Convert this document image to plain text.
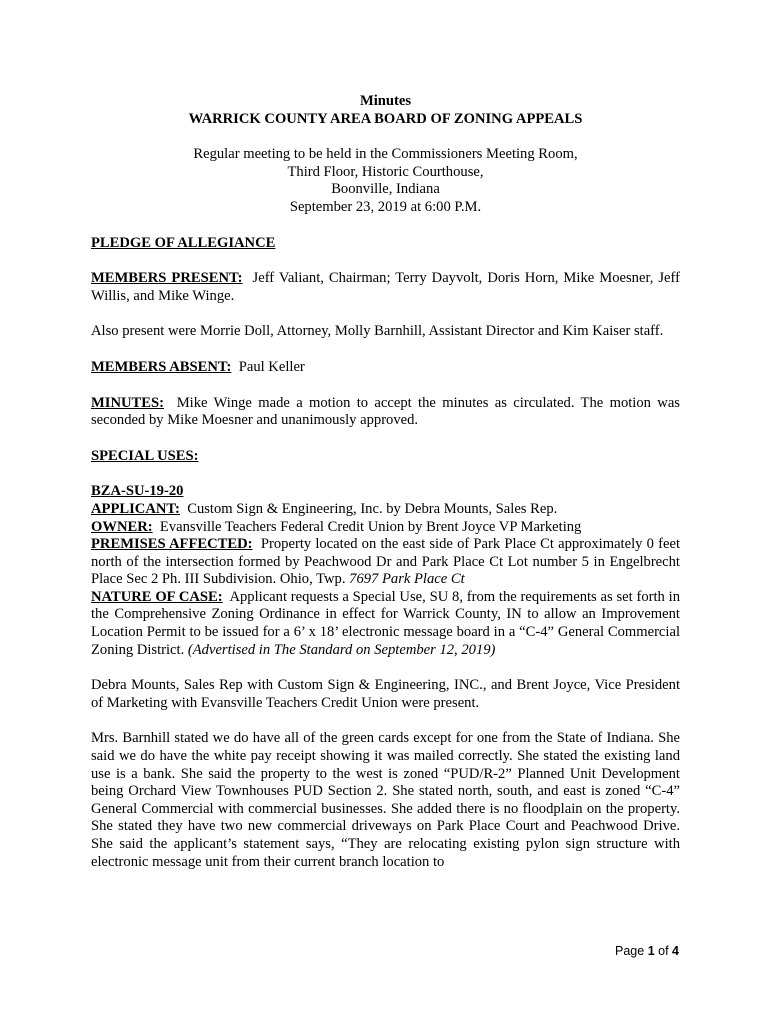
Minutes
WARRICK COUNTY AREA BOARD OF ZONING APPEALS
Regular meeting to be held in the Commissioners Meeting Room,
Third Floor, Historic Courthouse,
Boonville, Indiana
September 23, 2019 at 6:00 P.M.

PLEDGE OF ALLEGIANCE

MEMBERS PRESENT: Jeff Valiant, Chairman; Terry Dayvolt, Doris Horn, Mike Moesner, Jeff Willis, and Mike Winge.

Also present were Morrie Doll, Attorney, Molly Barnhill, Assistant Director and Kim Kaiser staff.

MEMBERS ABSENT: Paul Keller

MINUTES: Mike Winge made a motion to accept the minutes as circulated. The motion was seconded by Mike Moesner and unanimously approved.

SPECIAL USES:

BZA-SU-19-20

APPLICANT: Custom Sign & Engineering, Inc. by Debra Mounts, Sales Rep.

OWNER: Evansville Teachers Federal Credit Union by Brent Joyce VP Marketing

PREMISES AFFECTED: Property located on the east side of Park Place Ct approximately 0 feet north of the intersection formed by Peachwood Dr and Park Place Ct Lot number 5 in Engelbrecht Place Sec 2 Ph. III Subdivision. Ohio, Twp. 7697 Park Place Ct

NATURE OF CASE: Applicant requests a Special Use, SU 8, from the requirements as set forth in the Comprehensive Zoning Ordinance in effect for Warrick County, IN to allow an Improvement Location Permit to be issued for a 6’ x 18’ electronic message board in a “C-4” General Commercial Zoning District. (Advertised in The Standard on September 12, 2019)

Debra Mounts, Sales Rep with Custom Sign & Engineering, INC., and Brent Joyce, Vice President of Marketing with Evansville Teachers Credit Union were present.

Mrs. Barnhill stated we do have all of the green cards except for one from the State of Indiana. She said we do have the white pay receipt showing it was mailed correctly. She stated the existing land use is a bank. She said the property to the west is zoned “PUD/R-2” Planned Unit Development being Orchard View Townhouses PUD Section 2. She stated north, south, and east is zoned “C-4” General Commercial with commercial businesses. She added there is no floodplain on the property. She stated they have two new commercial driveways on Park Place Court and Peachwood Drive. She said the applicant’s statement says, “They are relocating existing pylon sign structure with electronic message unit from their current branch location to

Page 1 of 4
